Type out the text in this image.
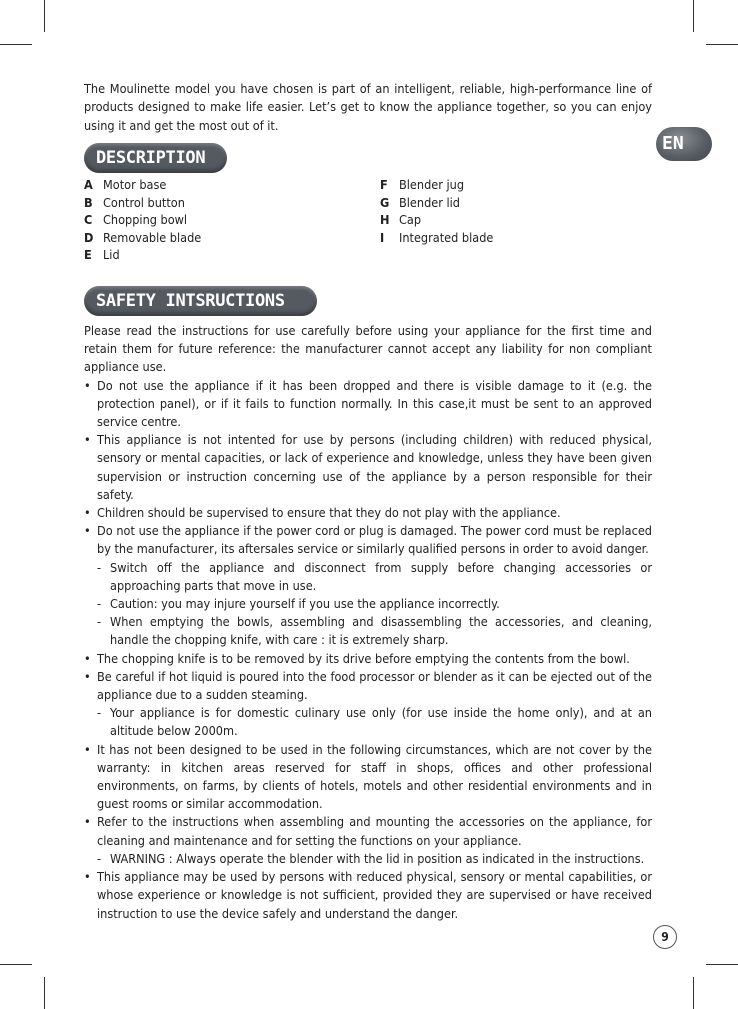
The Moulinette model you have chosen is part of an intelligent, reliable, high-performance line of products designed to make life easier. Let’s get to know the appliance together, so you can enjoy using it and get the most out of it.

EN
DESCRIPTION
A Motor base
B Control button
C Chopping bowl
D Removable blade
E Lid
F Blender jug
G Blender lid
H Cap
I	Integrated blade
SAFETY INTSRUCTIONS

Please read the instructions for use carefully before using your appliance for the first time and retain them for future reference: the manufacturer cannot accept any liability for non compliant appliance use.

• Do not use the appliance if it has been dropped and there is visible damage to it (e.g. the protection panel), or if it fails to function normally. In this case,it must be sent to an approved service centre.

• This appliance is not intented for use by persons (including children) with reduced physical, sensory or mental capacities, or lack of experience and knowledge, unless they have been given supervision or instruction concerning use of the appliance by a person responsible for their safety.

• Children should be supervised to ensure that they do not play with the appliance.

• Do not use the appliance if the power cord or plug is damaged. The power cord must be replaced by the manufacturer, its aftersales service or similarly qualified persons in order to avoid danger.

- Switch off the appliance and disconnect from supply before changing accessories or approaching parts that move in use.

- Caution: you may injure yourself if you use the appliance incorrectly.

- When emptying the bowls, assembling and disassembling the accessories, and cleaning, handle the chopping knife, with care : it is extremely sharp.

• The chopping knife is to be removed by its drive before emptying the contents from the bowl.

• Be careful if hot liquid is poured into the food processor or blender as it can be ejected out of the appliance due to a sudden steaming.

- Your appliance is for domestic culinary use only (for use inside the home only), and at an altitude below 2000m.

• It has not been designed to be used in the following circumstances, which are not cover by the warranty: in kitchen areas reserved for staff in shops, offices and other professional environments, on farms, by clients of hotels, motels and other residential environments and in guest rooms or similar accommodation.

• Refer to the instructions when assembling and mounting the accessories on the appliance, for cleaning and maintenance and for setting the functions on your appliance.

- WARNING : Always operate the blender with the lid in position as indicated in the instructions.

• This appliance may be used by persons with reduced physical, sensory or mental capabilities, or whose experience or knowledge is not sufficient, provided they are supervised or have received instruction to use the device safely and understand the danger.

9
